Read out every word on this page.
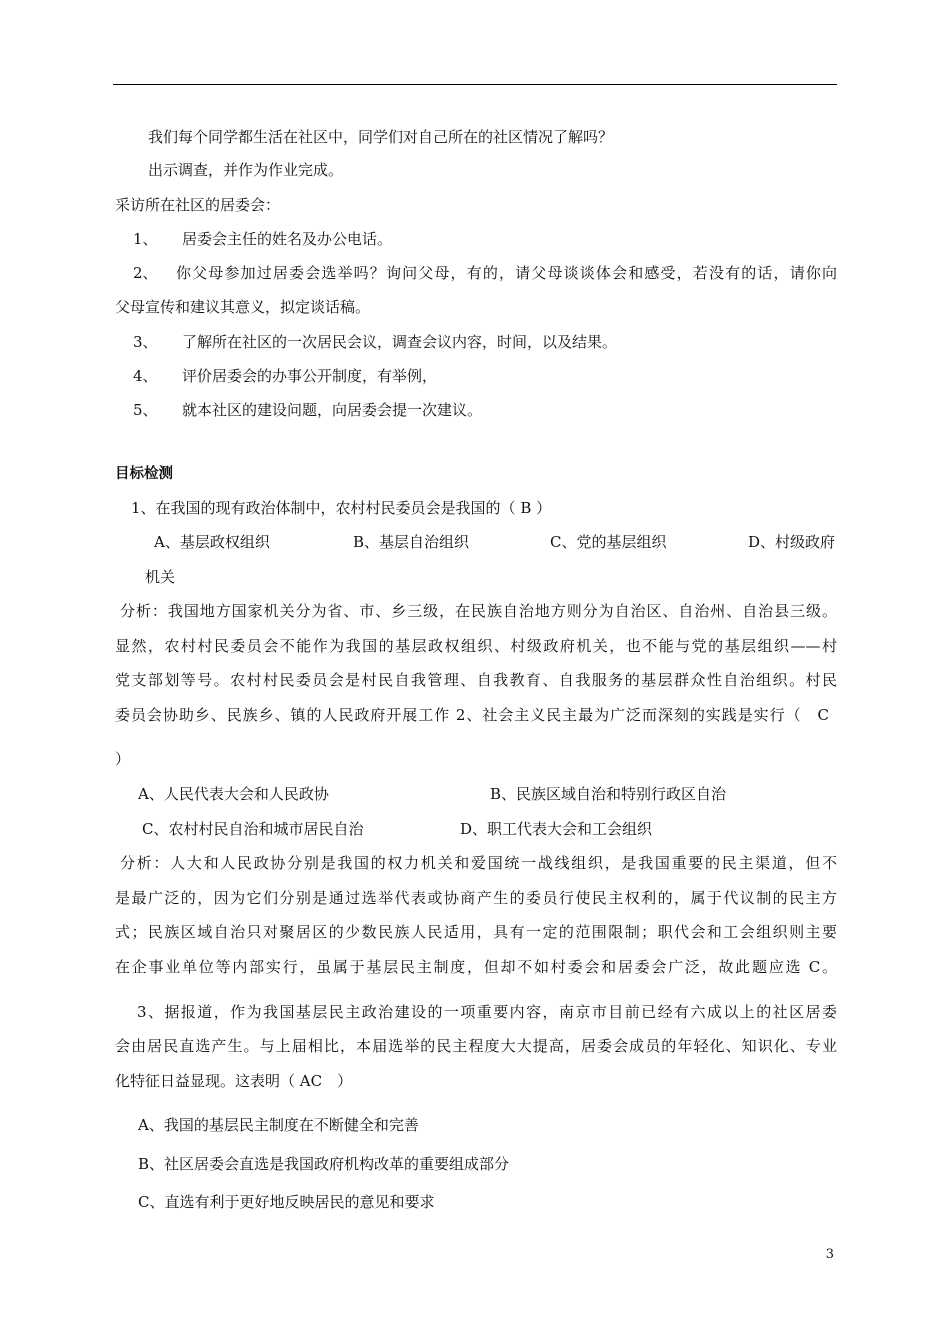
我们每个同学都生活在社区中，同学们对自己所在的社区情况了解吗？
出示调查，并作为作业完成。
采访所在社区的居委会：
1、 居委会主任的姓名及办公电话。
2、 你父母参加过居委会选举吗？询问父母，有的，请父母谈谈体会和感受，若没有的话，请你向
父母宣传和建议其意义，拟定谈话稿。
3、 了解所在社区的一次居民会议，调查会议内容，时间，以及结果。
4、 评价居委会的办事公开制度，有举例，
5、 就本社区的建设问题，向居委会提一次建议。
目标检测
1、在我国的现有政治体制中，农村村民委员会是我国的（ B ）
A、基层政权组织	B、基层自治组织	C、党的基层组织	D、村级政府
机关
分析：我国地方国家机关分为省、市、乡三级，在民族自治地方则分为自治区、自治州、自治县三级。
显然，农村村民委员会不能作为我国的基层政权组织、村级政府机关，也不能与党的基层组织——村
党支部划等号。农村村民委员会是村民自我管理、自我教育、自我服务的基层群众性自治组织。村民
委员会协助乡、民族乡、镇的人民政府开展工作 2、社会主义民主最为广泛而深刻的实践是实行（　C
）
A、人民代表大会和人民政协	B、民族区域自治和特别行政区自治
C、农村村民自治和城市居民自治	D、职工代表大会和工会组织
分析：人大和人民政协分别是我国的权力机关和爱国统一战线组织，是我国重要的民主渠道，但不
是最广泛的，因为它们分别是通过选举代表或协商产生的委员行使民主权利的，属于代议制的民主方
式；民族区域自治只对聚居区的少数民族人民适用，具有一定的范围限制；职代会和工会组织则主要
在企事业单位等内部实行，虽属于基层民主制度，但却不如村委会和居委会广泛，故此题应选 C。
3、据报道，作为我国基层民主政治建设的一项重要内容，南京市目前已经有六成以上的社区居委
会由居民直选产生。与上届相比，本届选举的民主程度大大提高，居委会成员的年轻化、知识化、专业
化特征日益显现。这表明（ AC　）
A、我国的基层民主制度在不断健全和完善
B、社区居委会直选是我国政府机构改革的重要组成部分
C、直选有利于更好地反映居民的意见和要求
3
